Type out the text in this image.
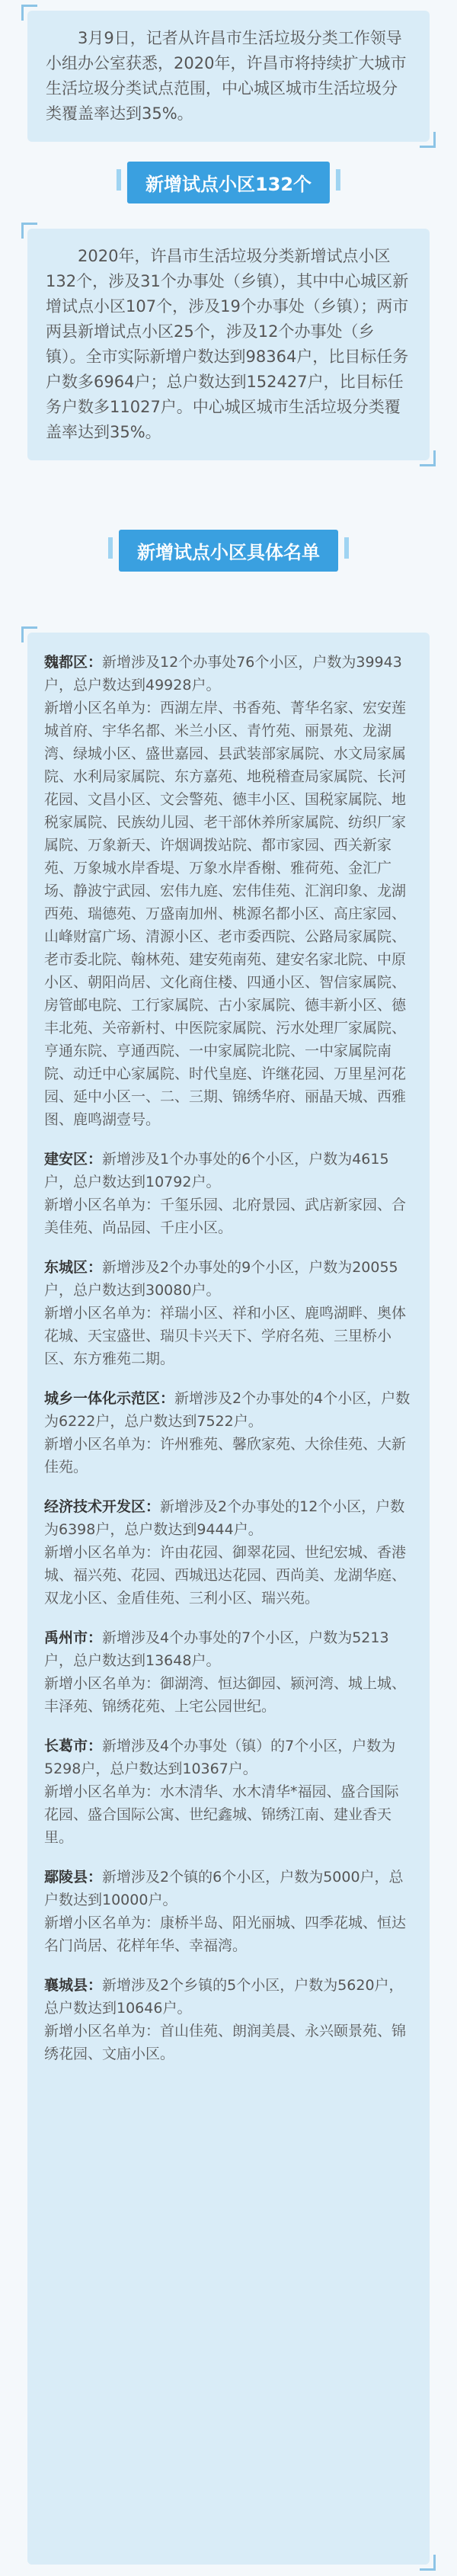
3月9日，记者从许昌市生活垃圾分类工作领导小组办公室获悉，2020年，许昌市将持续扩大城市生活垃圾分类试点范围，中心城区城市生活垃圾分类覆盖率达到35%。

新增试点小区132个

2020年，许昌市生活垃圾分类新增试点小区132个，涉及31个办事处（乡镇），其中中心城区新增试点小区107个，涉及19个办事处（乡镇）；两市两县新增试点小区25个，涉及12个办事处（乡镇）。全市实际新增户数达到98364户，比目标任务户数多6964户；总户数达到152427户，比目标任务户数多11027户。中心城区城市生活垃圾分类覆盖率达到35%。

新增试点小区具体名单

魏都区：新增涉及12个办事处76个小区，户数为39943户，总户数达到49928户。

新增小区名单为：西湖左岸、书香苑、菁华名家、宏安莲城首府、宇华名都、米兰小区、青竹苑、丽景苑、龙湖湾、绿城小区、盛世嘉园、县武装部家属院、水文局家属院、水利局家属院、东方嘉苑、地税稽查局家属院、长河花园、文昌小区、文会警苑、德丰小区、国税家属院、地税家属院、民族幼儿园、老干部休养所家属院、纺织厂家属院、万象新天、许烟调拨站院、都市家园、西关新家苑、万象城水岸香堤、万象水岸香榭、雅荷苑、金汇广场、静波宁武园、宏伟九庭、宏伟佳苑、汇润印象、龙湖西苑、瑞德苑、万盛南加州、桃源名都小区、高庄家园、山峰财富广场、清源小区、老市委西院、公路局家属院、老市委北院、翰林苑、建安苑南苑、建安名家北院、中原小区、朝阳尚居、文化商住楼、四通小区、智信家属院、房管邮电院、工行家属院、古小家属院、德丰新小区、德丰北苑、关帝新村、中医院家属院、污水处理厂家属院、亨通东院、亨通西院、一中家属院北院、一中家属院南院、动迁中心家属院、时代皇庭、许继花园、万里星河花园、延中小区一、二、三期、锦绣华府、丽晶天城、西雅图、鹿鸣湖壹号。

建安区：新增涉及1个办事处的6个小区，户数为4615户，总户数达到10792户。

新增小区名单为：千玺乐园、北府景园、武店新家园、合美佳苑、尚品园、千庄小区。

东城区：新增涉及2个办事处的9个小区，户数为20055户，总户数达到30080户。

新增小区名单为：祥瑞小区、祥和小区、鹿鸣湖畔、奥体花城、天宝盛世、瑞贝卡兴天下、学府名苑、三里桥小区、东方雅苑二期。

城乡一体化示范区：新增涉及2个办事处的4个小区，户数为6222户，总户数达到7522户。

新增小区名单为：许州雅苑、馨欣家苑、大徐佳苑、大新佳苑。

经济技术开发区：新增涉及2个办事处的12个小区，户数为6398户，总户数达到9444户。

新增小区名单为：许由花园、御翠花园、世纪宏城、香港城、福兴苑、花园、西城迅达花园、西尚美、龙湖华庭、双龙小区、金盾佳苑、三利小区、瑞兴苑。

禹州市：新增涉及4个办事处的7个小区，户数为5213户，总户数达到13648户。

新增小区名单为：御湖湾、恒达御园、颍河湾、城上城、丰泽苑、锦绣花苑、上宅公园世纪。

长葛市：新增涉及4个办事处（镇）的7个小区，户数为5298户，总户数达到10367户。

新增小区名单为：水木清华、水木清华*福园、盛合国际花园、盛合国际公寓、世纪鑫城、锦绣江南、建业香天里。

鄢陵县：新增涉及2个镇的6个小区，户数为5000户，总户数达到10000户。

新增小区名单为：康桥半岛、阳光丽城、四季花城、恒达名门尚居、花样年华、幸福湾。

襄城县：新增涉及2个乡镇的5个小区，户数为5620户，总户数达到10646户。

新增小区名单为：首山佳苑、朗润美晨、永兴颐景苑、锦绣花园、文庙小区。
